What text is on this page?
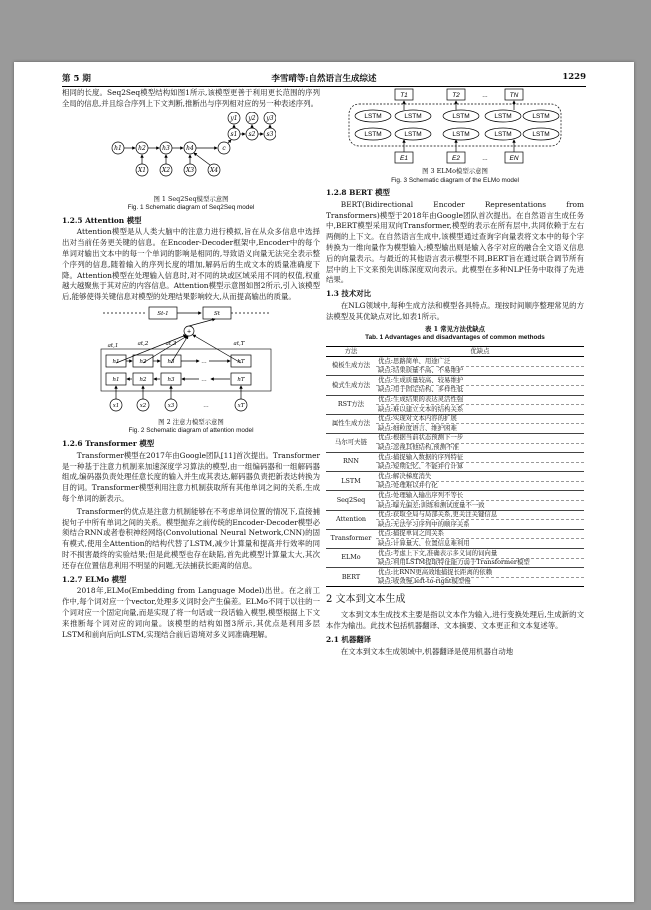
第 5 期	李雪晴等:自然语言生成综述	1229

相同的长度。Seq2Seq模型结构如图1所示,该模型更善于利用更长范围的序列全局的信息,并且综合序列上下文判断,推断出与序列相对应的另一种表述序列。

h1	h2	h3	h4
X1	X2	X3	X4
c
s1 s2 s3
y1 y2 y3
图 1 Seq2Seq模型示意图
Fig. 1 Schematic diagram of Seq2Seq model
1.2.5 Attention 模型

Attention模型是从人类大脑中的注意力进行模拟,旨在从众多信息中选择出对当前任务更关键的信息。在Encoder-Decoder框架中,Encoder中的每个单词对输出文本中的每一个单词的影响是相同的,导致语义向量无法完全表示整个序列的信息,随着输入的序列长度的增加,解码后的生成文本的质量准确度下降。Attention模型在处理输入信息时,对不同的块或区域采用不同的权值,权重越大越聚焦于其对应的内容信息。Attention模型示意图如图2所示,引入该模型后,能够使得关键信息对模型的处理结果影响较大,从而提高输出的质量。

St-1	St
+
at,1	at,2	at,3	at,T
h1	h2	h3	hT
h1	h2	h3	hT
x1	x2	x3	xT
…
…
…
图 2 注意力模型示意图
Fig. 2 Schematic diagram of attention model
1.2.6 Transformer 模型

Transformer模型在2017年由Google团队[11]首次提出。Transformer是一种基于注意力机制来加速深度学习算法的模型,由一组编码器和一组解码器组成,编码器负责处理任意长度的输入并生成其表达,解码器负责把新表达转换为目的词。Transformer模型利用注意力机制获取所有其他单词之间的关系,生成每个单词的新表示。

Transformer的优点是注意力机制能够在不考虑单词位置的情况下,直接捕捉句子中所有单词之间的关系。模型抛弃之前传统的Encoder-Decoder模型必须结合RNN或者卷积神经网络(Convolutional Neural Network,CNN)的固有模式,使用全Attention的结构代替了LSTM,减少计算量和提高并行效率的同时不损害最终的实验结果;但是此模型也存在缺陷,首先此模型计算量太大,其次还存在位置信息利用不明显的问题,无法捕获长距离的信息。

1.2.7 ELMo 模型

2018年,ELMo(Embedding from Language Model)出世。在之前工作中,每个词对应一个vector,处理多义词时会产生偏差。ELMo不同于以往的一个词对应一个固定向量,而是实现了将一句话或一段话输入模型,模型根据上下文来推断每个词对应的词向量。该模型的结构如图3所示,其优点是利用多层LSTM和前向后向LSTM,实现结合前后语境对多义词准确理解。

T1	T2	...	TN
LSTM	LSTM	LSTM	LSTM	LSTM
LSTM	LSTM	LSTM	LSTM	LSTM
E1	E2	...	EN
图 3 ELMo模型示意图
Fig. 3 Schematic diagram of the ELMo model
1.2.8 BERT 模型

BERT(Bidirectional Encoder Representations from Transformers)模型于2018年由Google团队首次提出。在自然语言生成任务中,BERT模型采用双向Transformer,模型的表示在所有层中,共同依赖于左右两侧的上下文。在自然语言生成中,该模型通过查询字向量表将文本中的每个字转换为一维向量作为模型输入;模型输出则是输入各字对应的融合全文语义信息后的向量表示。与最近的其他语言表示模型不同,BERT旨在通过联合调节所有层中的上下文来预先训练深度双向表示。此模型在多种NLP任务中取得了先进结果。

1.3 技术对比

在NLG领域中,每种生成方法和模型各具特点。现按时间顺序整理常见的方法模型及其优缺点对比,如表1所示。

表 1 常见方法优缺点
Tab. 1 Advantages and disadvantages of common methods
方法	优缺点
模板生成方法	优点:思路简单、用途广泛
	缺点:结果质量不高、不易维护
模式生成方法	优点:生成质量较高、较易维护
	缺点:用于固定结构、多样性低
RST方法	优点:生成结果的表达灵活性强
	缺点:难以建立文本的结构关系
属性生成方法	优点:实现对文本内容的扩展
	缺点:细粒度语言、维护困难
马尔可夫链	优点:根据当前状态预测下一步
	缺点:忽视其他结构,预测不准
RNN	优点:捕捉输入数据的序列特征
	缺点:短期记忆、不能并行计算
LSTM	优点:解决梯度消失
	缺点:处理难以并行化
Seq2Seq	优点:处理输入输出序列不等长
	缺点:曝光偏差;训练和测试度量不一致
Attention	优点:获取全局与局部关系,更关注关键信息
	缺点:无法学习序列中的顺序关系
Transformer	优点:捕捉单词之间关系
	缺点:计算量大、位置信息难利用
ELMo	优点:考虑上下文,准确表示多义词的词向量
	缺点:利用LSTM提取特征能力弱于Transformer模型
BERT	优点:比RNN更高效地捕捉长距离的依赖
	缺点:收敛慢,left-to-right模型慢
2 文本到文本生成

文本到文本生成技术主要是指以文本作为输入,进行变换处理后,生成新的文本作为输出。此技术包括机器翻译、文本摘要、文本更正和文本复述等。

2.1 机器翻译

在文本到文本生成领域中,机器翻译是使用机器自动地
